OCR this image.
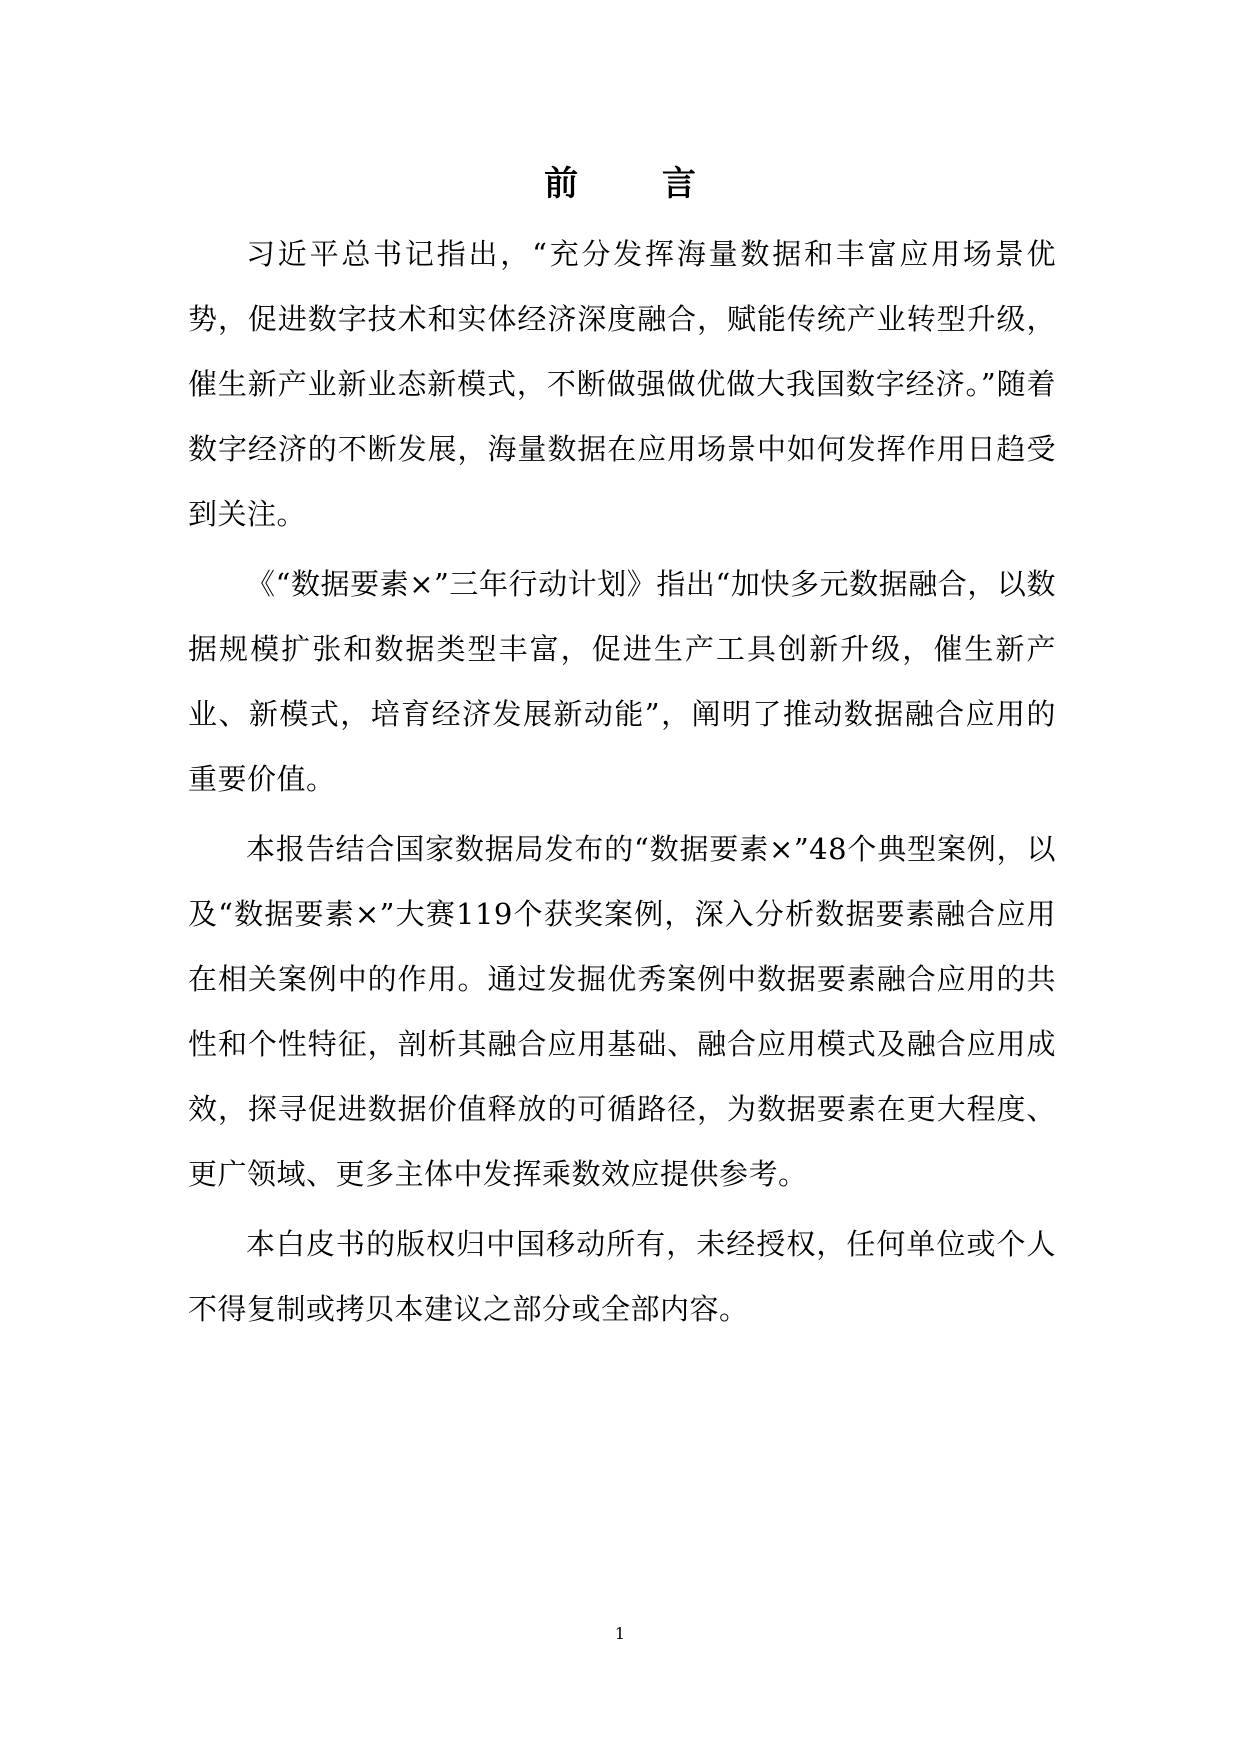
前 言

习近平总书记指出，“充分发挥海量数据和丰富应用场景优势，促进数字技术和实体经济深度融合，赋能传统产业转型升级，催生新产业新业态新模式，不断做强做优做大我国数字经济。”随着数字经济的不断发展，海量数据在应用场景中如何发挥作用日趋受到关注。

《“数据要素×”三年行动计划》指出“加快多元数据融合，以数据规模扩张和数据类型丰富，促进生产工具创新升级，催生新产业、新模式，培育经济发展新动能”，阐明了推动数据融合应用的重要价值。

本报告结合国家数据局发布的“数据要素×”48个典型案例，以及“数据要素×”大赛119个获奖案例，深入分析数据要素融合应用在相关案例中的作用。通过发掘优秀案例中数据要素融合应用的共性和个性特征，剖析其融合应用基础、融合应用模式及融合应用成效，探寻促进数据价值释放的可循路径，为数据要素在更大程度、更广领域、更多主体中发挥乘数效应提供参考。

本白皮书的版权归中国移动所有，未经授权，任何单位或个人不得复制或拷贝本建议之部分或全部内容。

1
